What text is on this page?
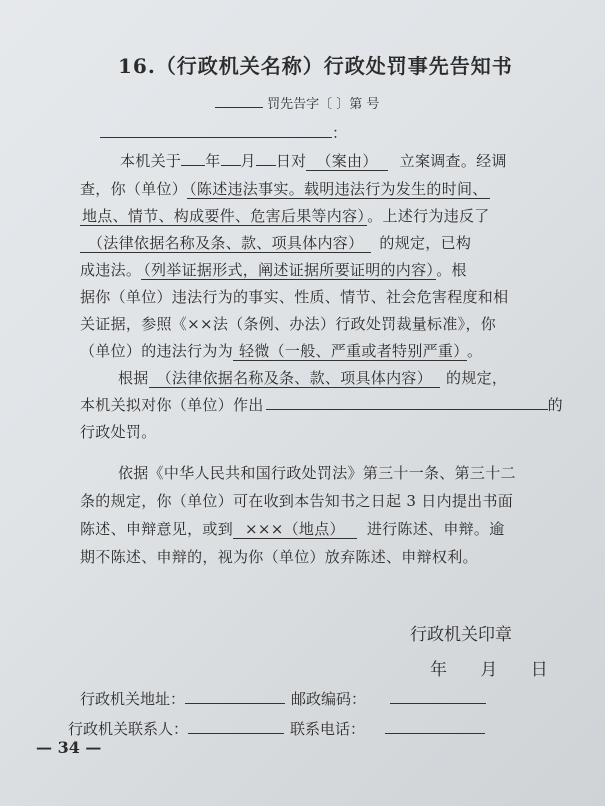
16.（行政机关名称）行政处罚事先告知书
罚先告字〔 〕第 号
：
本机关于 年 月 日对 （案由） 立案调查。经调
查，你（单位） （陈述违法事实。载明违法行为发生的时间、
地点、情节、构成要件、危害后果等内容） 。上述行为违反了
（法律依据名称及条、款、项具体内容） 的规定，已构
成违法。 （列举证据形式，阐述证据所要证明的内容） 。根
据你（单位）违法行为的事实、性质、情节、社会危害程度和相
关证据，参照《××法（条例、办法）行政处罚裁量标准》，你
（单位）的违法行为为 轻微（一般、严重或者特别严重） 。
根据 （法律依据名称及条、款、项具体内容） 的规定，
本机关拟对你（单位）作出	的
行政处罚。
依据《中华人民共和国行政处罚法》第三十一条、第三十二
条的规定，你（单位）可在收到本告知书之日起 3 日内提出书面
陈述、申辩意见，或到 ×××（地点） 进行陈述、申辩。逾
期不陈述、申辩的，视为你（单位）放弃陈述、申辩权利。
行政机关印章
年 月 日
行政机关地址：	邮政编码：
行政机关联系人：	联系电话：
— 34 —
